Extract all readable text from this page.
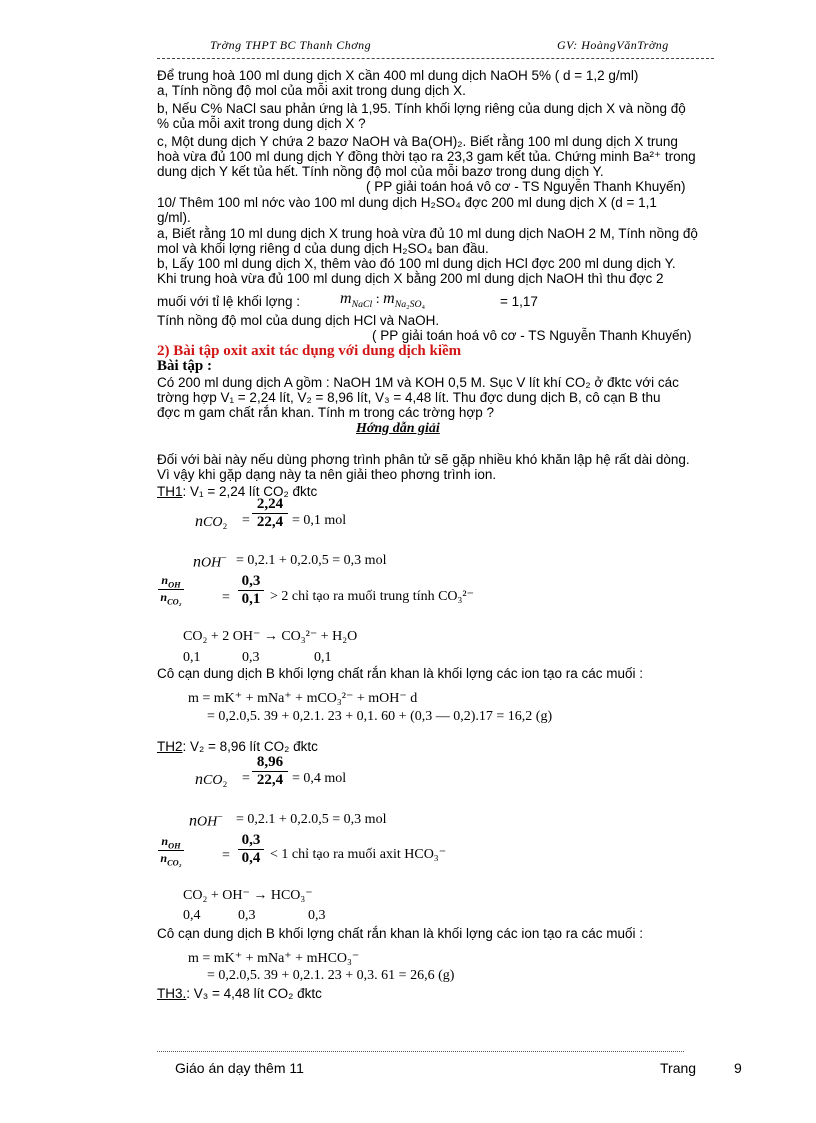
Trờng THPT BC Thanh Chơng	GV: HoàngVănTrờng
Để trung hoà 100 ml dung dịch X cần 400 ml dung dịch NaOH 5% ( d = 1,2 g/ml)
a, Tính nồng độ mol của mỗi axit trong dung dịch X.
b, Nếu C% NaCl sau phản ứng là 1,95. Tính khối lợng riêng của dung dịch X và nồng độ
% của mỗi axit trong dung dịch X ?
c, Một dung dịch Y chứa 2 bazơ NaOH và Ba(OH)₂. Biết rằng 100 ml dung dịch X trung
hoà vừa đủ 100 ml dung dịch Y đồng thời tạo ra 23,3 gam kết tủa. Chứng minh Ba²⁺ trong
dung dịch Y kết tủa hết. Tính nồng độ mol của mỗi bazơ trong dung dịch Y.
( PP giải toán hoá vô cơ - TS Nguyễn Thanh Khuyến)
10/ Thêm 100 ml nớc vào 100 ml dung dịch H₂SO₄ đợc 200 ml dung dịch X (d = 1,1
g/ml).
a, Biết rằng 10 ml dung dịch X trung hoà vừa đủ 10 ml dung dịch NaOH 2 M, Tính nồng độ
mol và khối lợng riêng d của dung dịch H₂SO₄ ban đầu.
b, Lấy 100 ml dung dịch X, thêm vào đó 100 ml dung dịch HCl đợc 200 ml dung dịch Y.
Khi trung hoà vừa đủ 100 ml dung dịch X bằng 200 ml dung dịch NaOH thì thu đợc 2
muối với tỉ lệ khối lợng : $m_{NaCl}$ : $m_{Na_2SO_4}$	= 1,17
Tính nồng độ mol của dung dịch HCl và NaOH.
( PP giải toán hoá vô cơ - TS Nguyễn Thanh Khuyến)
2) Bài tập oxit axit tác dụng với dung dịch kiềm
Bài tập :
Có 200 ml dung dịch A gồm : NaOH 1M và KOH 0,5 M. Sục V lít khí CO₂ ở đktc với các
trờng hợp V₁ = 2,24 lít, V₂ = 8,96 lít, V₃ = 4,48 lít. Thu đợc dung dịch B, cô cạn B thu
đợc m gam chất rắn khan. Tính m trong các trờng hợp ?
Hớng dẫn giải
Đối với bài này nếu dùng phơng trình phân tử sẽ gặp nhiều khó khăn lập hệ rất dài dòng.
Vì vậy khi gặp dạng này ta nên giải theo phơng trình ion.
TH1: V₁ = 2,24 lít CO₂ đktc
$nCO_2 = \frac{2,24}{22,4} = 0,1$ mol
nOH− = 0,2.1 + 0,2.0,5 = 0,3 mol
$n_{OH}$
$n_{CO_2}$	= $\frac{0,3}{0,1} > 2$ chỉ tạo ra muối trung tính CO₃²⁻
CO₂ + 2 OH⁻ → CO₃²⁻ + H₂O
0,1	0,3	0,1
Cô cạn dung dịch B khối lợng chất rắn khan là khối lợng các ion tạo ra các muối :
m = mK⁺ + mNa⁺ + mCO₃²⁻ + mOH⁻ d
= 0,2.0,5. 39 + 0,2.1. 23 + 0,1. 60 + (0,3 — 0,2).17 = 16,2 (g)
TH2: V₂ = 8,96 lít CO₂ đktc
$nCO_2 = \frac{8,96}{22,4} = 0,4$ mol
nOH− = 0,2.1 + 0,2.0,5 = 0,3 mol
$n_{OH}$
$n_{CO_2}$
= $\frac{0,3}{0,4} < 1$ chỉ tạo ra muối axit HCO₃⁻
CO₂ + OH⁻ → HCO₃⁻
0,4	0,3	0,3
Cô cạn dung dịch B khối lợng chất rắn khan là khối lợng các ion tạo ra các muối :
m = mK⁺ + mNa⁺ + mHCO₃⁻
= 0,2.0,5. 39 + 0,2.1. 23 + 0,3. 61 = 26,6 (g)
TH3.: V₃ = 4,48 lít CO₂ đktc
Giáo án dạy thêm 11	Trang	9
